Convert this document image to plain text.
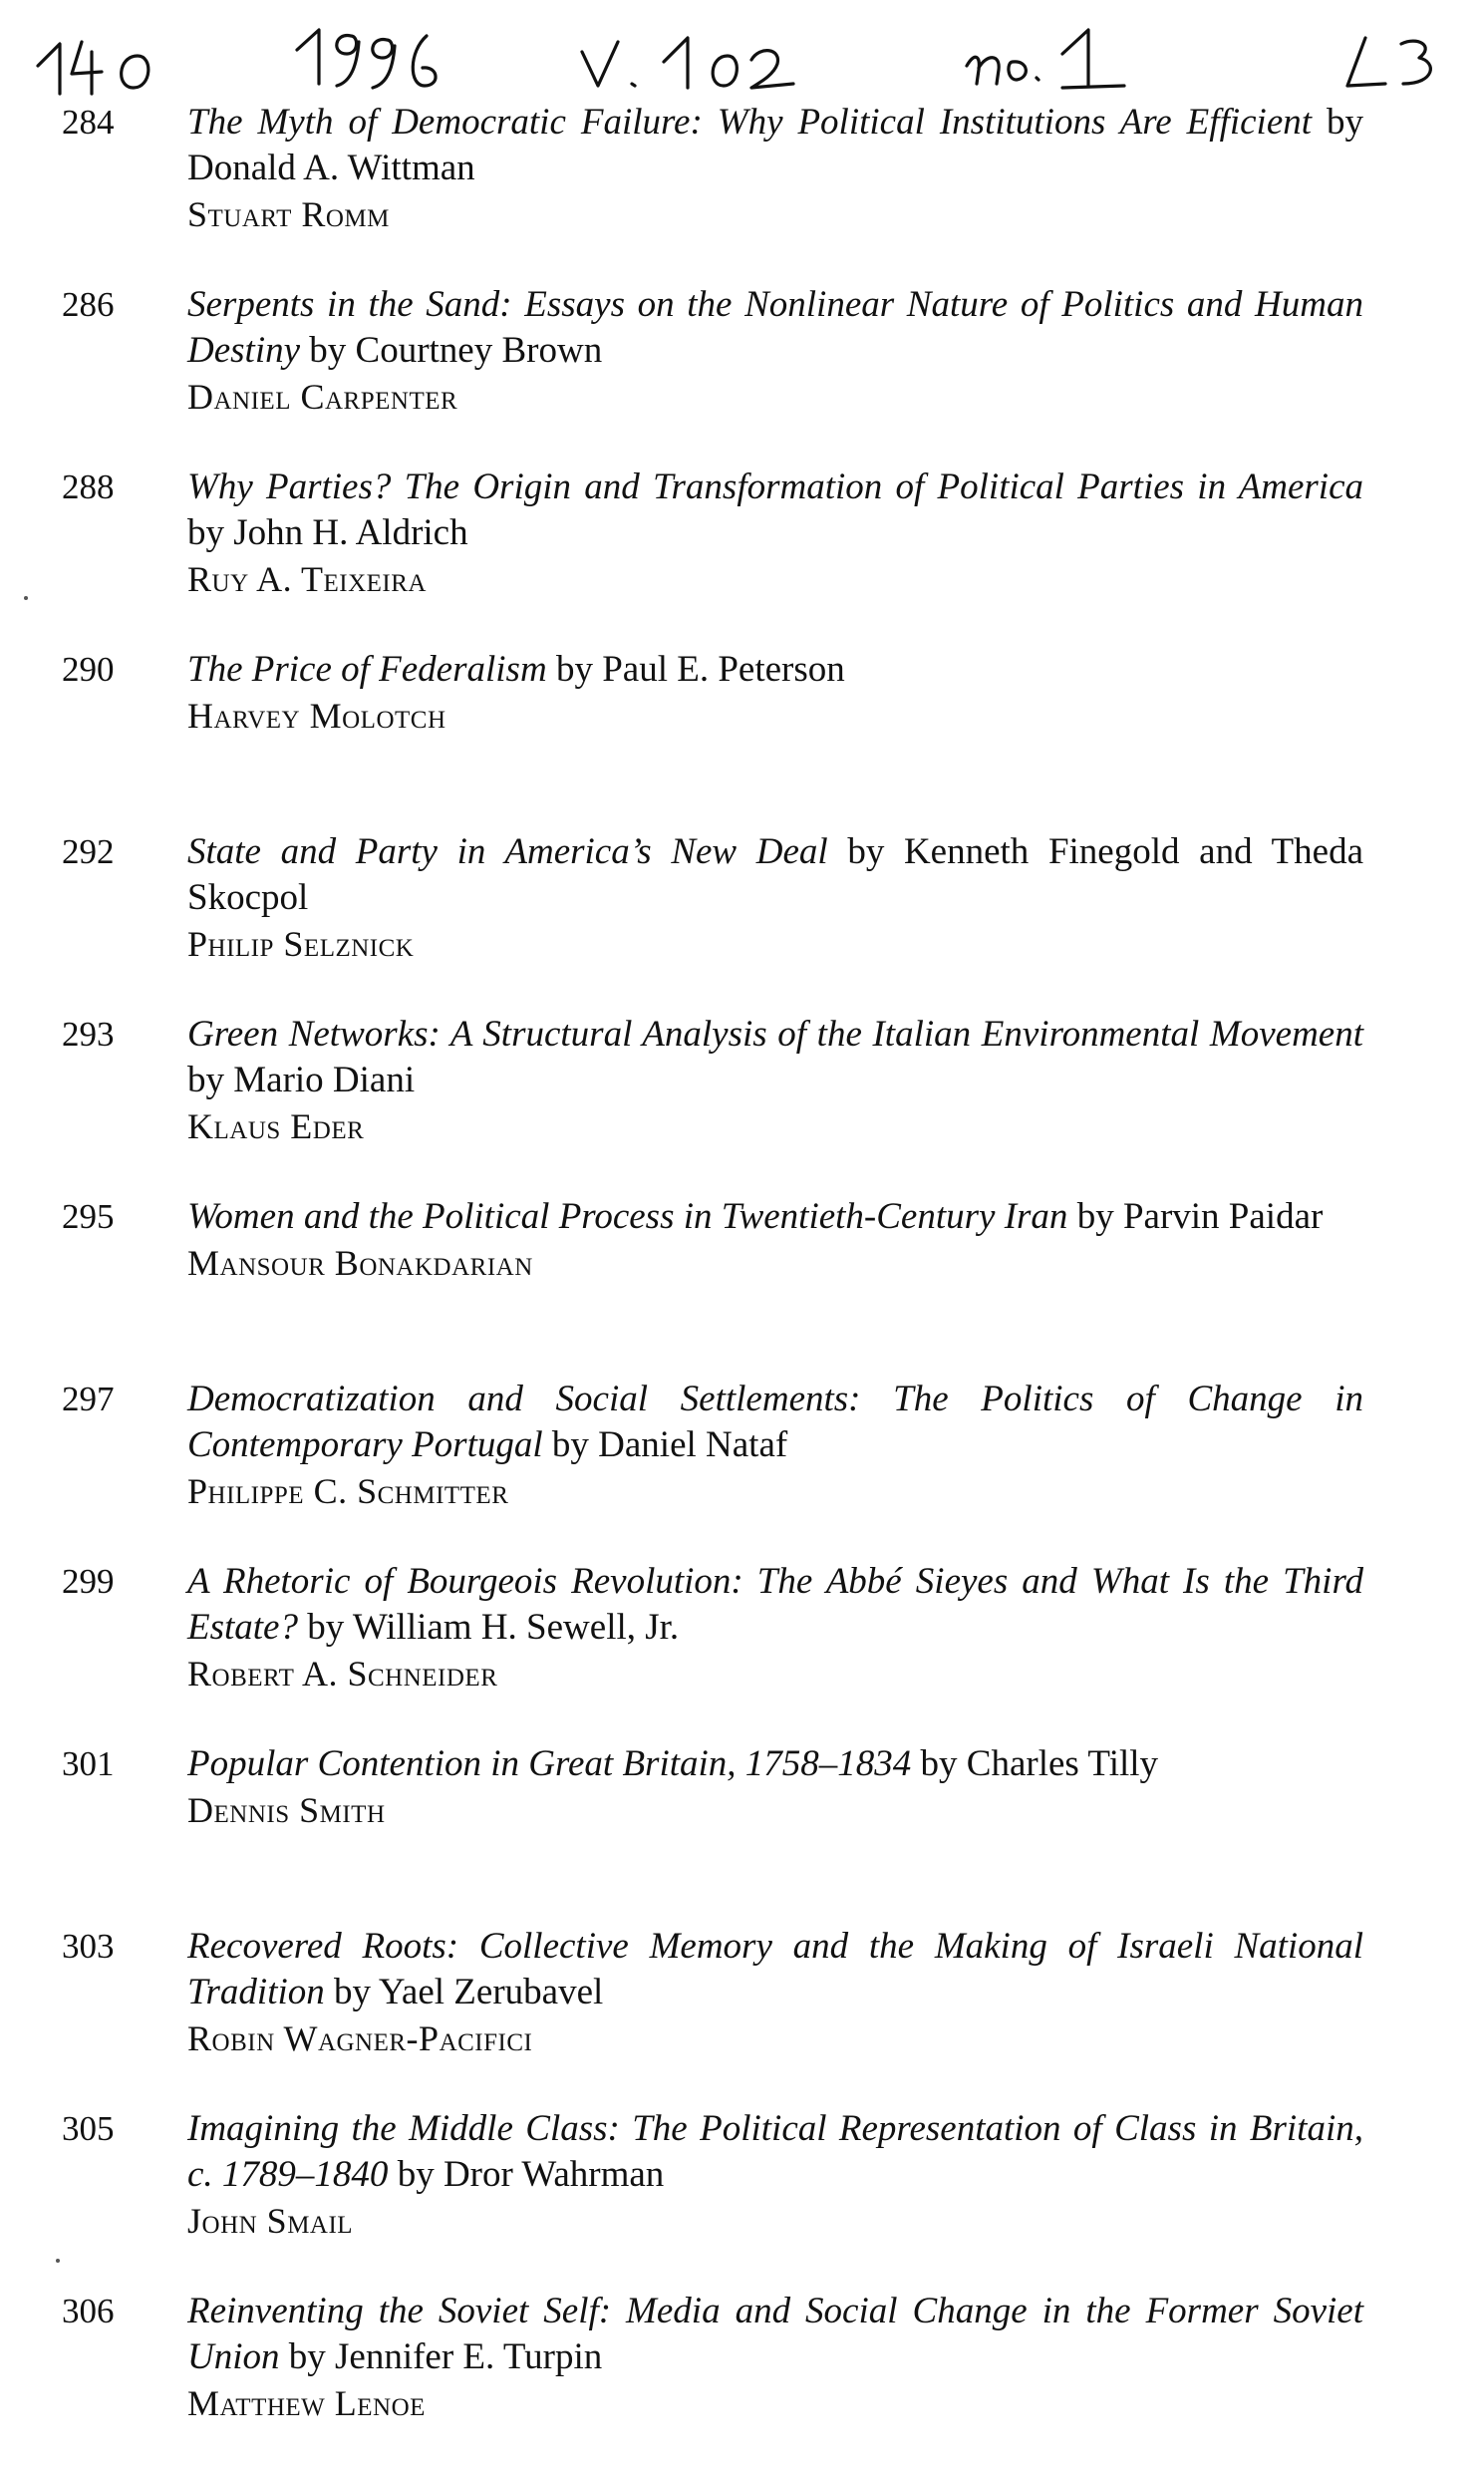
284	The Myth of Democratic Failure: Why Political Institutions Are Efficient by Donald A. Wittman
Stuart Romm
286	Serpents in the Sand: Essays on the Nonlinear Nature of Politics and Human Destiny by Courtney Brown
Daniel Carpenter
288	Why Parties? The Origin and Transformation of Political Parties in America by John H. Aldrich
Ruy A. Teixeira
290	The Price of Federalism by Paul E. Peterson
Harvey Molotch
292	State and Party in America’s New Deal by Kenneth Finegold and Theda Skocpol
Philip Selznick
293	Green Networks: A Structural Analysis of the Italian Environmental Movement by Mario Diani
Klaus Eder
295	Women and the Political Process in Twentieth-Century Iran by Parvin Paidar
Mansour Bonakdarian
297	Democratization and Social Settlements: The Politics of Change in Contemporary Portugal by Daniel Nataf
Philippe C. Schmitter
299	A Rhetoric of Bourgeois Revolution: The Abbé Sieyes and What Is the Third Estate? by William H. Sewell, Jr.
Robert A. Schneider
301	Popular Contention in Great Britain, 1758–1834 by Charles Tilly
Dennis Smith
303	Recovered Roots: Collective Memory and the Making of Israeli National Tradition by Yael Zerubavel
Robin Wagner-Pacifici
305	Imagining the Middle Class: The Political Representation of Class in Britain, c. 1789–1840 by Dror Wahrman
John Smail
306	Reinventing the Soviet Self: Media and Social Change in the Former Soviet Union by Jennifer E. Turpin
Matthew Lenoe
